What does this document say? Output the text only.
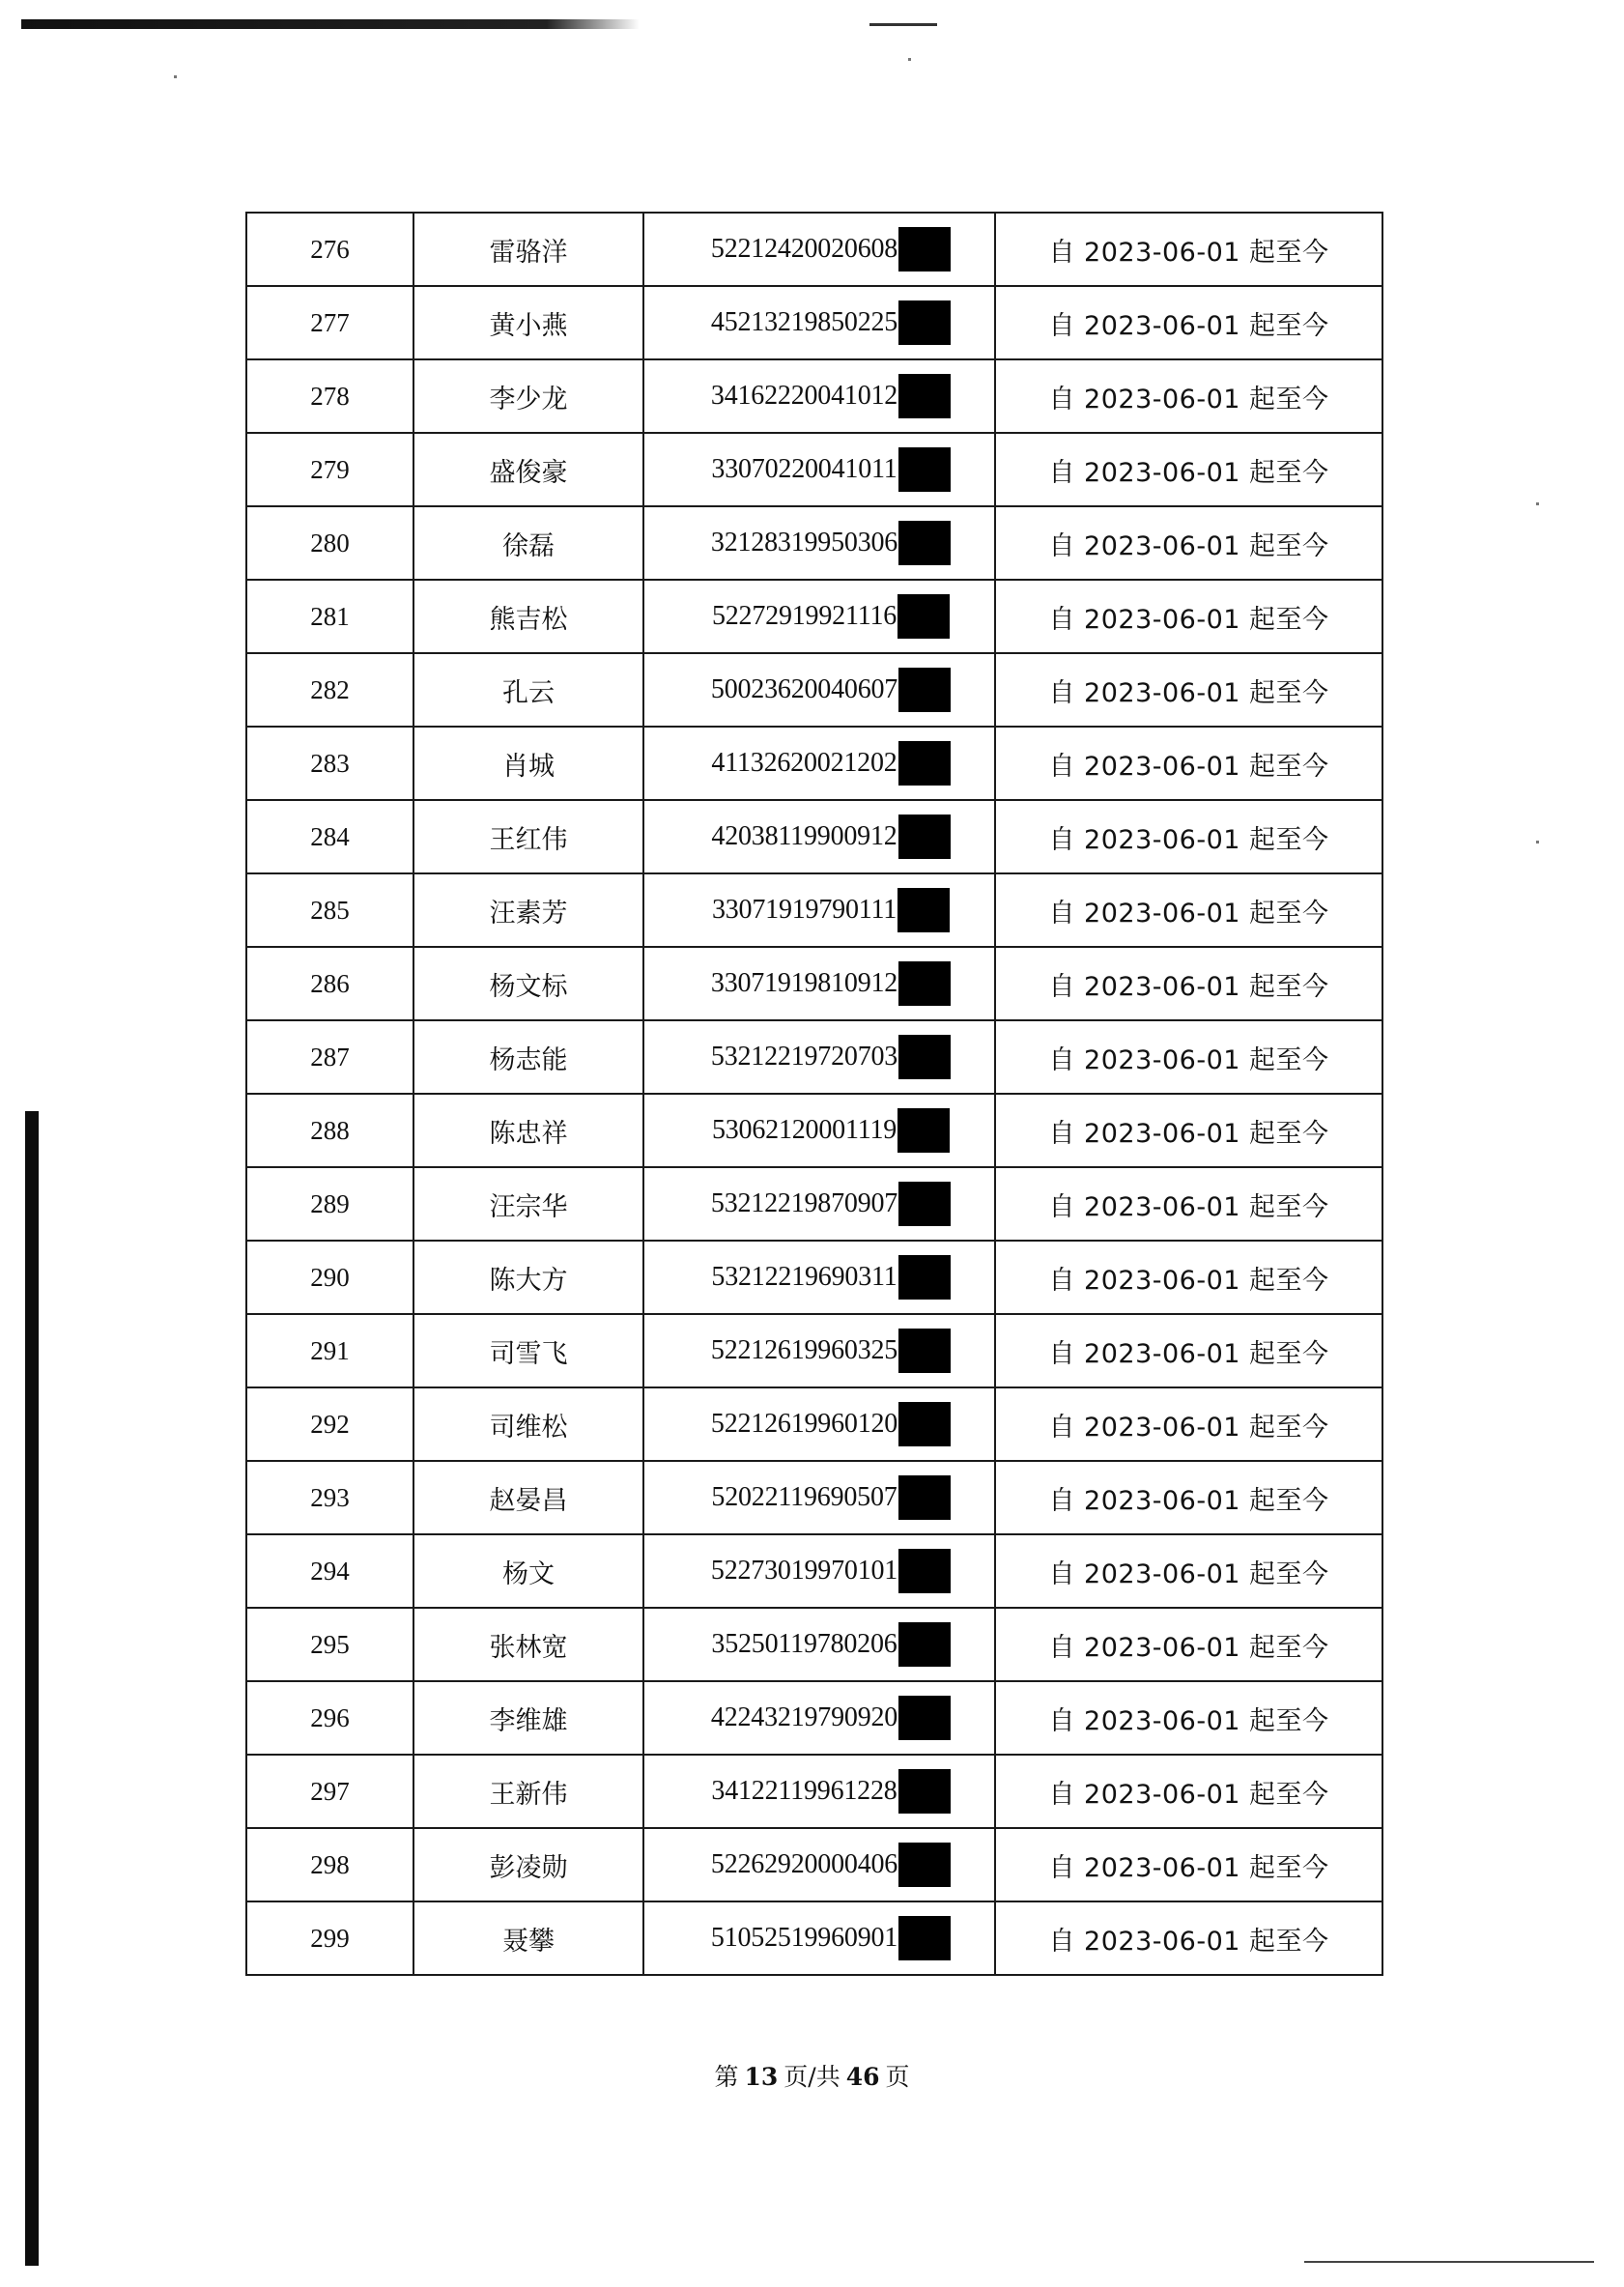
276	雷骆洋	52212420020608	自 2023-06-01 起至今
277	黄小燕	45213219850225	自 2023-06-01 起至今
278	李少龙	34162220041012	自 2023-06-01 起至今
279	盛俊豪	33070220041011	自 2023-06-01 起至今
280	徐磊	32128319950306	自 2023-06-01 起至今
281	熊吉松	52272919921116	自 2023-06-01 起至今
282	孔云	50023620040607	自 2023-06-01 起至今
283	肖城	41132620021202	自 2023-06-01 起至今
284	王红伟	42038119900912	自 2023-06-01 起至今
285	汪素芳	33071919790111	自 2023-06-01 起至今
286	杨文标	33071919810912	自 2023-06-01 起至今
287	杨志能	53212219720703	自 2023-06-01 起至今
288	陈忠祥	53062120001119	自 2023-06-01 起至今
289	汪宗华	53212219870907	自 2023-06-01 起至今
290	陈大方	53212219690311	自 2023-06-01 起至今
291	司雪飞	52212619960325	自 2023-06-01 起至今
292	司维松	52212619960120	自 2023-06-01 起至今
293	赵晏昌	52022119690507	自 2023-06-01 起至今
294	杨文	52273019970101	自 2023-06-01 起至今
295	张林宽	35250119780206	自 2023-06-01 起至今
296	李维雄	42243219790920	自 2023-06-01 起至今
297	王新伟	34122119961228	自 2023-06-01 起至今
298	彭凌勋	52262920000406	自 2023-06-01 起至今
299	聂攀	51052519960901	自 2023-06-01 起至今
第 13 页/共 46 页
